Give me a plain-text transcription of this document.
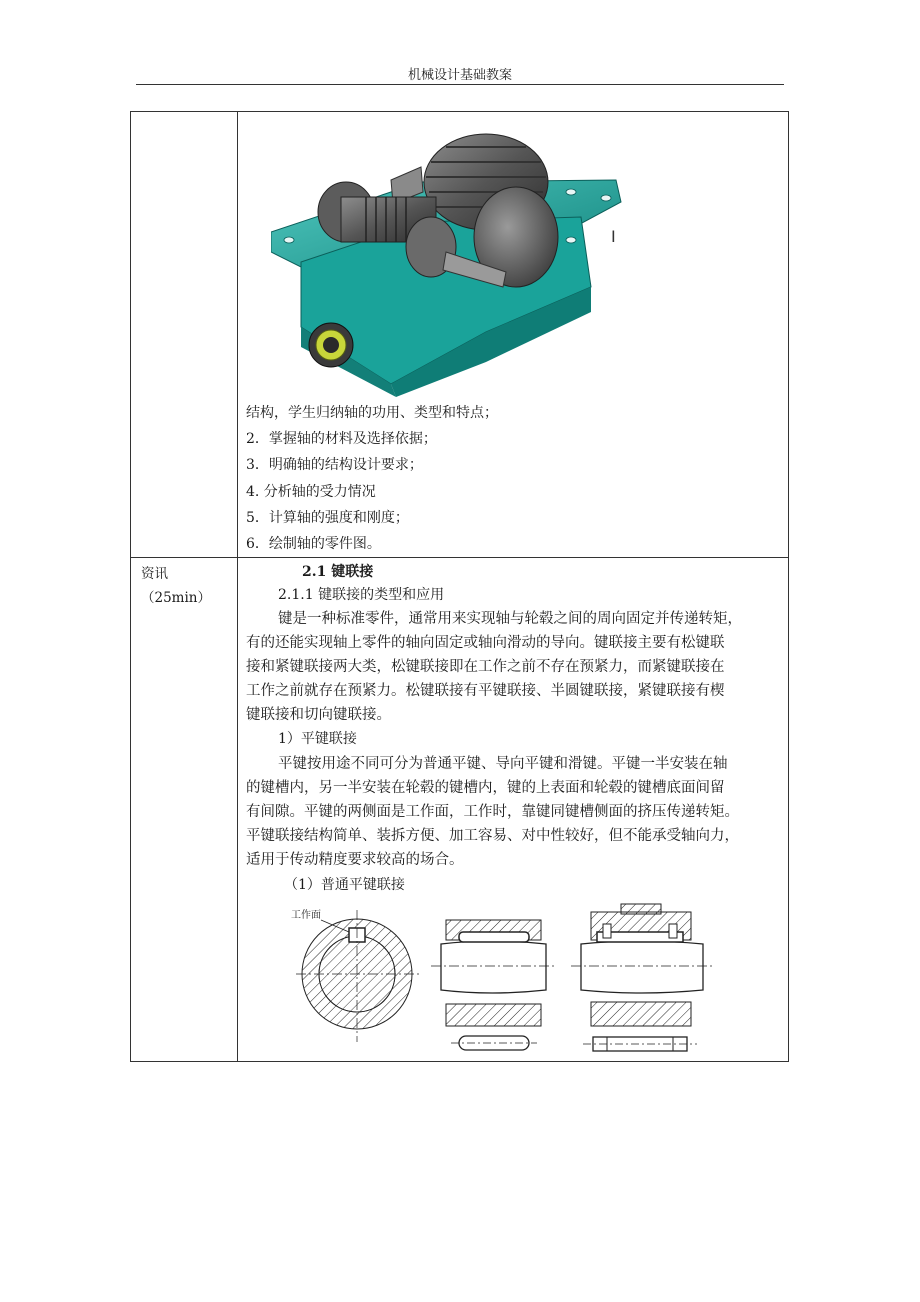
机械设计基础教案
I
结构，学生归纳轴的功用、类型和特点；
2．掌握轴的材料及选择依据；
3．明确轴的结构设计要求；
4. 分析轴的受力情况
5．计算轴的强度和刚度；
6．绘制轴的零件图。
资讯
（25min）
2.1 键联接
2.1.1 键联接的类型和应用
键是一种标准零件，通常用来实现轴与轮毂之间的周向固定并传递转矩，
有的还能实现轴上零件的轴向固定或轴向滑动的导向。键联接主要有松键联
接和紧键联接两大类，松键联接即在工作之前不存在预紧力，而紧键联接在
工作之前就存在预紧力。松键联接有平键联接、半圆键联接，紧键联接有楔
键联接和切向键联接。
1）平键联接
平键按用途不同可分为普通平键、导向平键和滑键。平键一半安装在轴
的键槽内，另一半安装在轮毂的键槽内，键的上表面和轮毂的键槽底面间留
有间隙。平键的两侧面是工作面，工作时，靠键同键槽侧面的挤压传递转矩。
平键联接结构简单、装拆方便、加工容易、对中性较好，但不能承受轴向力，
适用于传动精度要求较高的场合。
（1）普通平键联接
工作面
